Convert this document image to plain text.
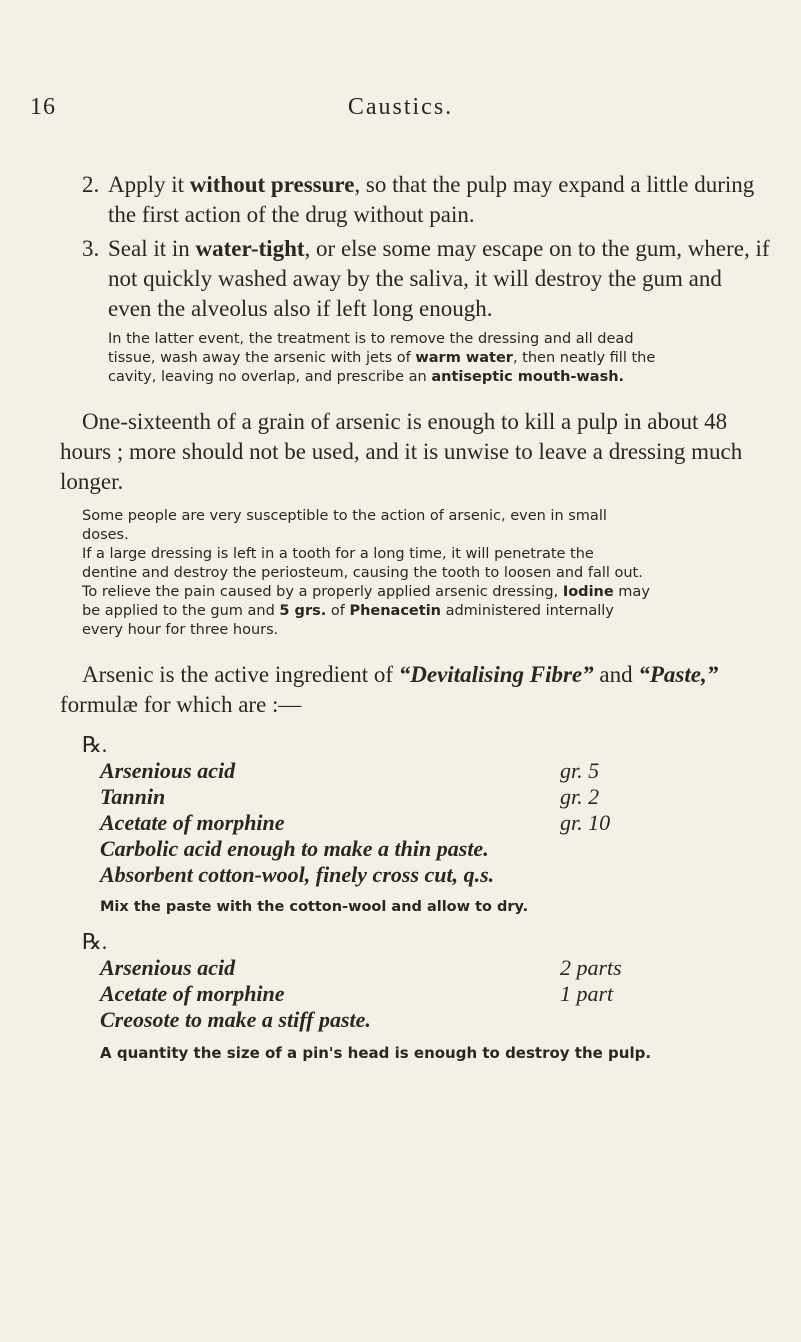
16	Caustics.
2. Apply it without pressure, so that the pulp may expand a little during the first action of the drug without pain.
3. Seal it in water-tight, or else some may escape on to the gum, where, if not quickly washed away by the saliva, it will destroy the gum and even the alveolus also if left long enough.
In the latter event, the treatment is to remove the dressing and all dead tissue, wash away the arsenic with jets of warm water, then neatly fill the cavity, leaving no overlap, and prescribe an antiseptic mouth-wash.
One-sixteenth of a grain of arsenic is enough to kill a pulp in about 48 hours ; more should not be used, and it is unwise to leave a dressing much longer.

Some people are very susceptible to the action of arsenic, even in small doses.

If a large dressing is left in a tooth for a long time, it will penetrate the dentine and destroy the periosteum, causing the tooth to loosen and fall out.

To relieve the pain caused by a properly applied arsenic dressing, Iodine may be applied to the gum and 5 grs. of Phenacetin administered internally every hour for three hours.

Arsenic is the active ingredient of “Devitalising Fibre” and “Paste,” formulæ for which are :—
℞.
Arsenious acid	gr. 5
Tannin	gr. 2
Acetate of morphine	gr. 10
Carbolic acid enough to make a thin paste.
Absorbent cotton-wool, finely cross cut, q.s.
Mix the paste with the cotton-wool and allow to dry.
℞.
Arsenious acid	2 parts
Acetate of morphine	1 part
Creosote to make a stiff paste.
A quantity the size of a pin's head is enough to destroy the pulp.
